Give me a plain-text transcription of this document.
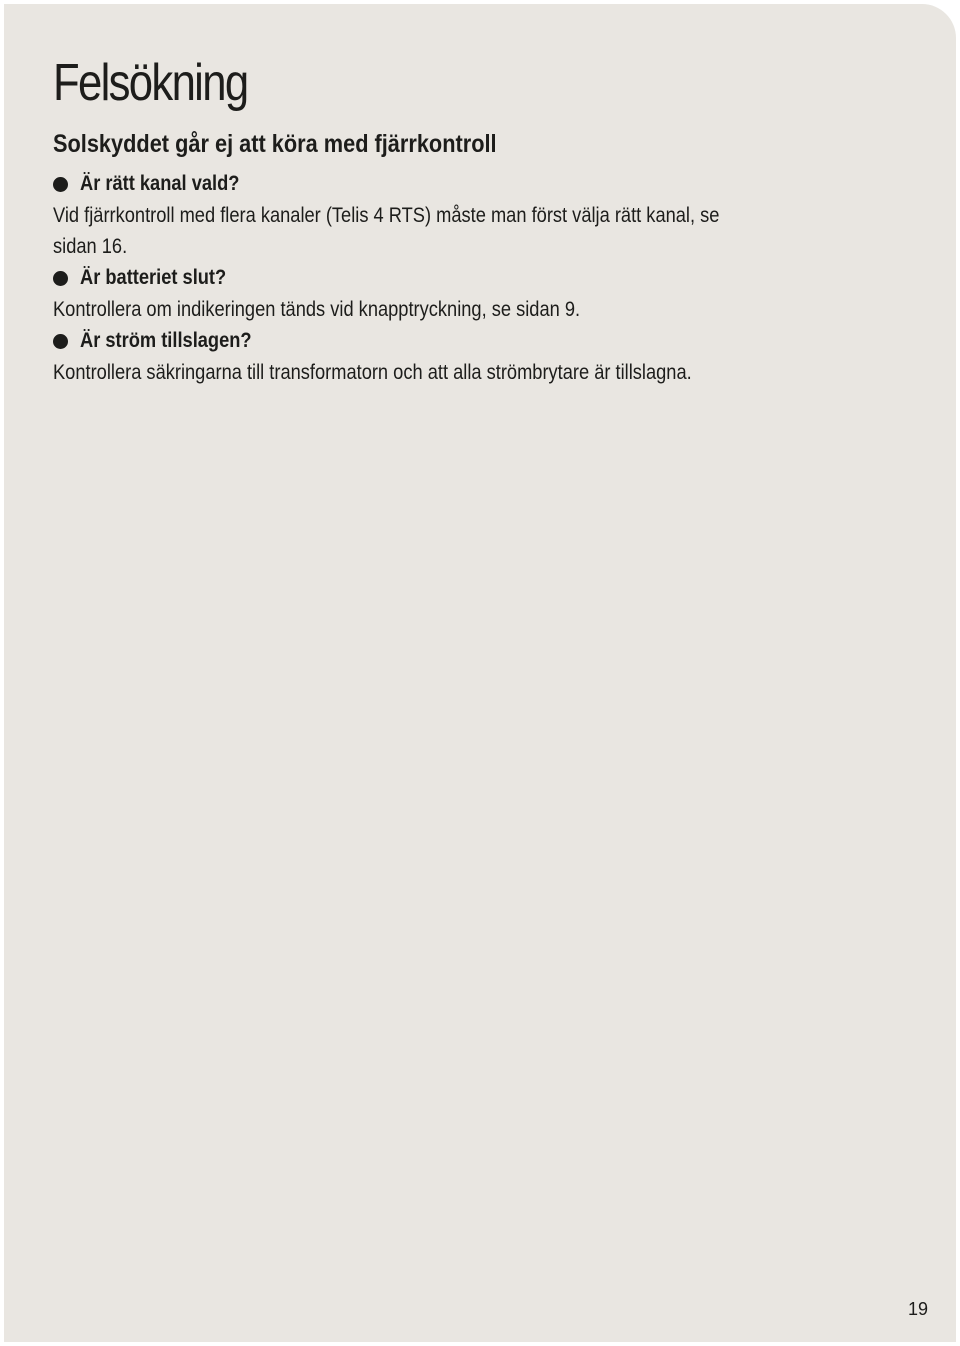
Felsökning
Solskyddet går ej att köra med fjärrkontroll
Är rätt kanal vald?
Vid fjärrkontroll med flera kanaler (Telis 4 RTS) måste man först välja rätt kanal, se sidan 16.
Är batteriet slut?
Kontrollera om indikeringen tänds vid knapptryckning, se sidan 9.
Är ström tillslagen?
Kontrollera säkringarna till transformatorn och att alla strömbrytare är tillslagna.
19
